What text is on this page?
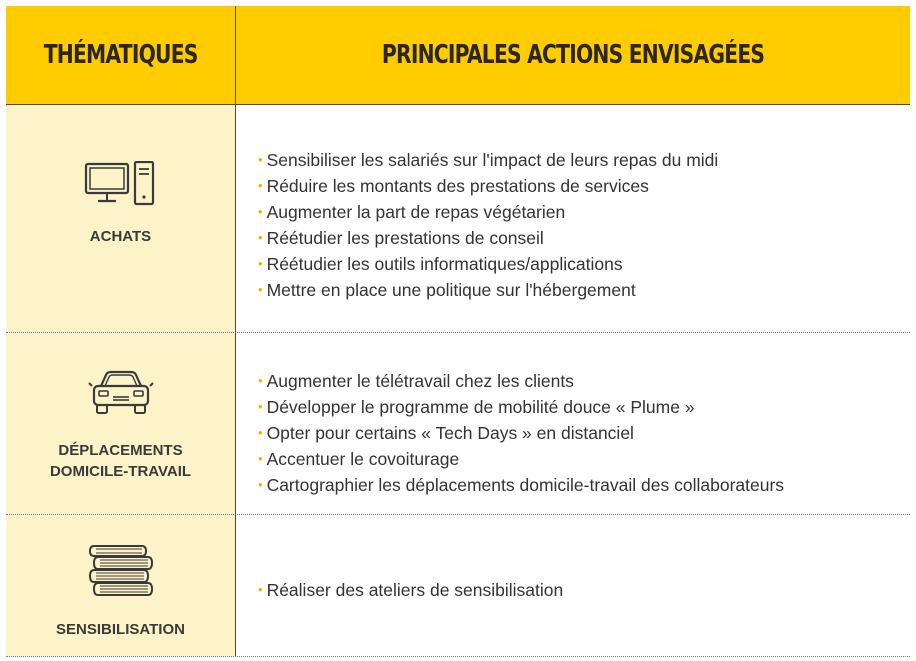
THÉMATIQUES	PRINCIPALES ACTIONS ENVISAGÉES
ACHATS
• Sensibiliser les salariés sur l'impact de leurs repas du midi
• Réduire les montants des prestations de services
• Augmenter la part de repas végétarien
• Réétudier les prestations de conseil
• Réétudier les outils informatiques/applications
• Mettre en place une politique sur l'hébergement
DÉPLACEMENTS
DOMICILE-TRAVAIL
• Augmenter le télétravail chez les clients
• Développer le programme de mobilité douce « Plume »
• Opter pour certains « Tech Days » en distanciel
• Accentuer le covoiturage
• Cartographier les déplacements domicile-travail des collaborateurs
SENSIBILISATION
• Réaliser des ateliers de sensibilisation
